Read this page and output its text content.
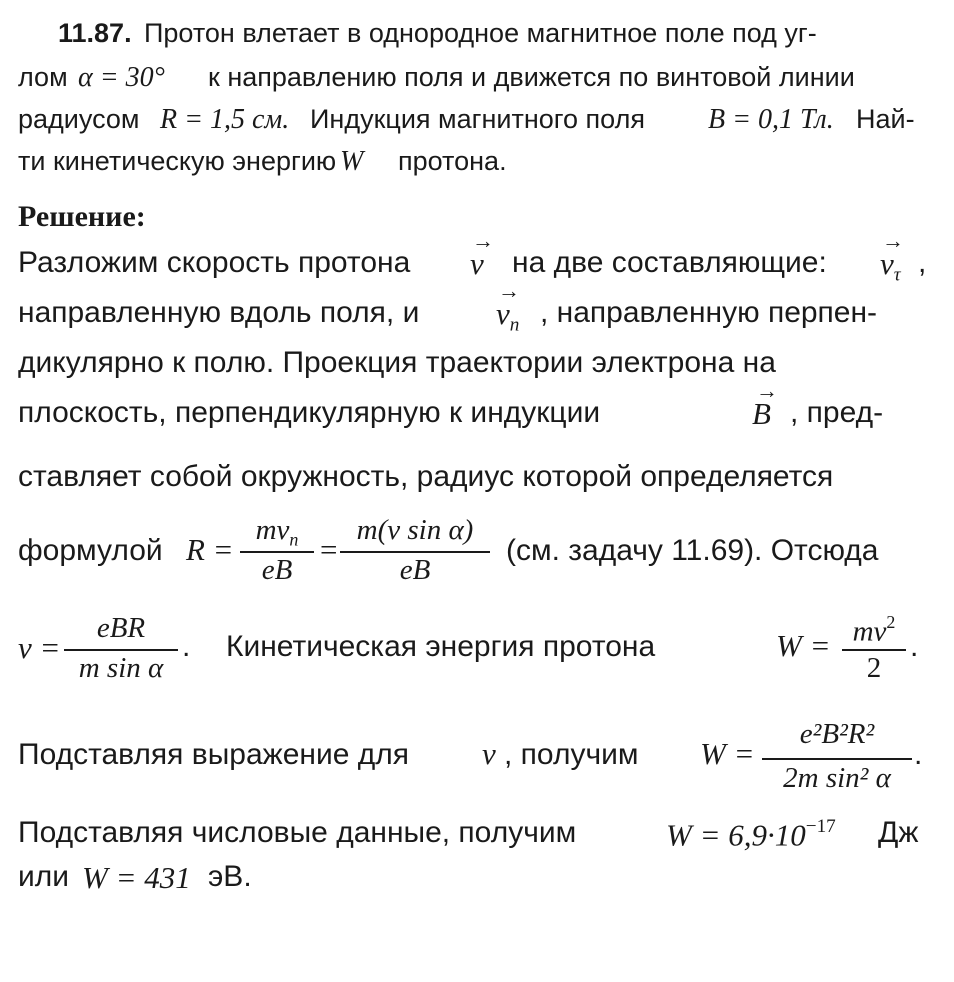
11.87. Протон влетает в однородное магнитное поле под уг-
лом α = 30° к направлению поля и движется по винтовой линии
радиусом R = 1,5 см. Индукция магнитного поля B = 0,1 Тл. Най-
ти кинетическую энергию W протона.
Решение:
Разложим скорость протона
→
v на две составляющие:
→
$v_\tau$ ,
направленную вдоль поля, и
→
$v_n$ , направленную перпен-
дикулярно к полю. Проекция траектории электрона на
плоскость, перпендикулярную к индукции
→
B , пред-
ставляет собой окружность, радиус которой определяется
формулой R =
$mv_n$
eB
=
m(v sin α)
eB
(см. задачу 11.69). Отсюда
v =
eBR
m sin α
. Кинетическая энергия протона	$W = mv^2$
2
.
Подставляя выражение для v , получим W =
e²B²R²
2m sin² α
.
Подставляя числовые данные, получим	$W = 6,9\cdot 10^{-17}$ Дж
или W = 431 эВ.
